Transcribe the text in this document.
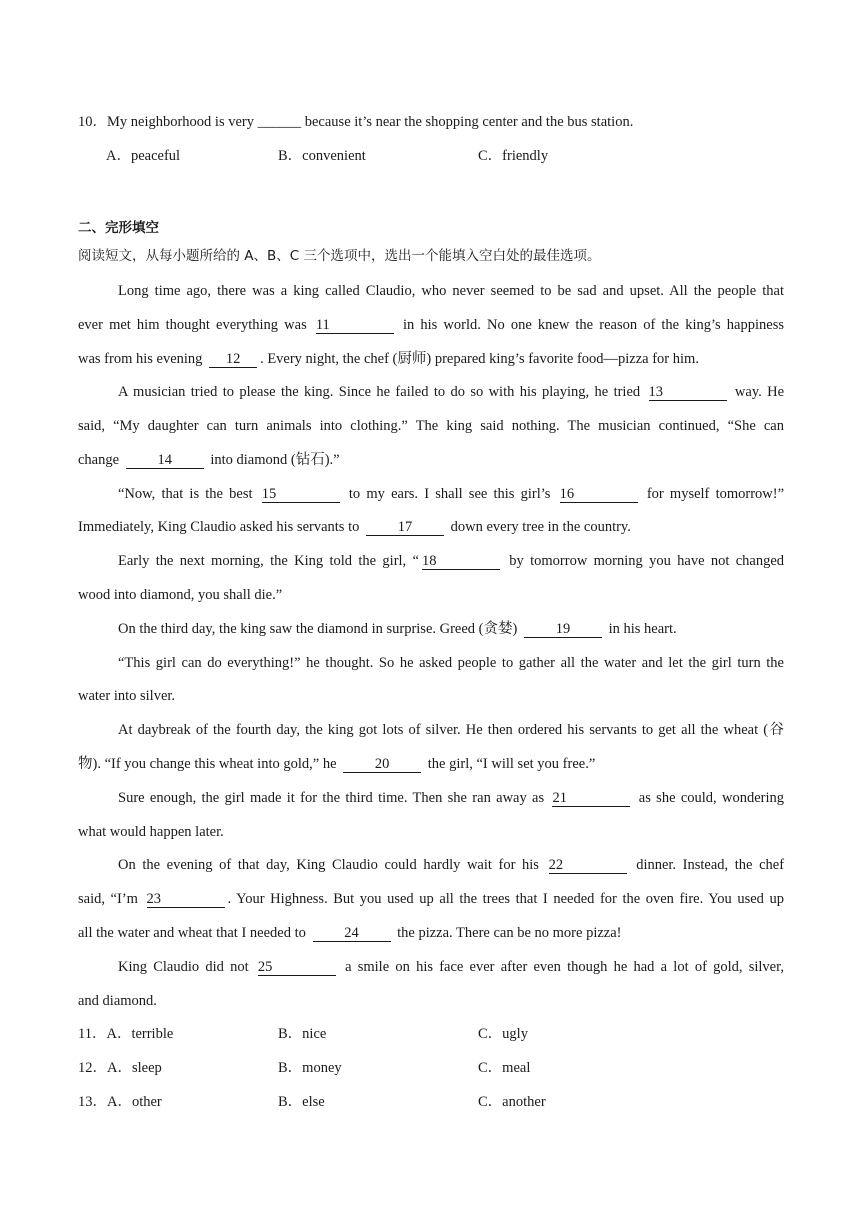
10．My neighborhood is very ______ because it’s near the shopping center and the bus station.
A．peaceful	B．convenient	C．friendly
二、完形填空
阅读短文，从每小题所给的 A、B、C 三个选项中，选出一个能填入空白处的最佳选项。
Long time ago, there was a king called Claudio, who never seemed to be sad and upset. All the people that
ever met him thought everything was 11	in his world. No one knew the reason of the king’s happiness
was from his evening 12 . Every night, the chef (厨师) prepared king’s favorite food—pizza for him.
A musician tried to please the king. Since he failed to do so with his playing, he tried 13	way. He
said, “My daughter can turn animals into clothing.” The king said nothing. The musician continued, “She can
change	14	into diamond (钻石).”
“Now, that is the best 15	to my ears. I shall see this girl’s 16	for myself tomorrow!”
Immediately, King Claudio asked his servants to	17	down every tree in the country.
Early the next morning, the King told the girl, “ 18	by tomorrow morning you have not changed
wood into diamond, you shall die.”
On the third day, the king saw the diamond in surprise. Greed (贪婪)	19	in his heart.
“This girl can do everything!” he thought. So he asked people to gather all the water and let the girl turn the
water into silver.
At daybreak of the fourth day, the king got lots of silver. He then ordered his servants to get all the wheat (谷
物). “If you change this wheat into gold,” he	20	the girl, “I will set you free.”
Sure enough, the girl made it for the third time. Then she ran away as 21	as she could, wondering
what would happen later.
On the evening of that day, King Claudio could hardly wait for his 22	dinner. Instead, the chef
said, “I’m 23	. Your Highness. But you used up all the trees that I needed for the oven fire. You used up
all the water and wheat that I needed to	24	the pizza. There can be no more pizza!
King Claudio did not 25	a smile on his face ever after even though he had a lot of gold, silver,
and diamond.
11．A．terrible	B．nice	C．ugly
12．A．sleep	B．money	C．meal
13．A．other	B．else	C．another
